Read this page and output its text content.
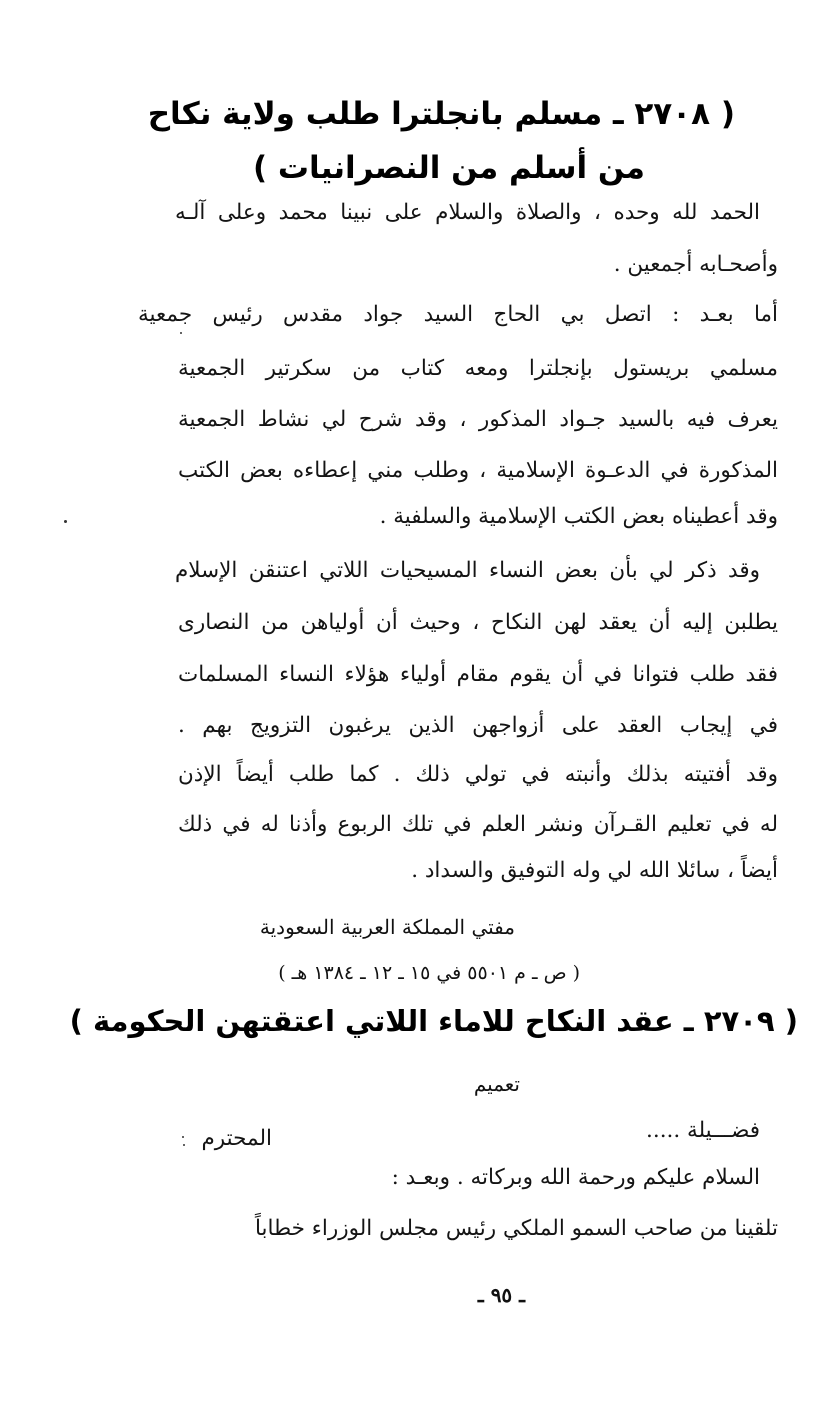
( ٢٧٠٨ ـ مسلم بانجلترا طلب ولاية نكاح

من أسلم من النصرانيات )

الحمد لله وحده ، والصلاة والسلام على نبينا محمد وعلى آلـه

وأصحـابه أجمعين .

أما بعـد : اتصل بي الحاج السيد جواد مقدس رئيس جمعية

مسلمي بريستول بإنجلترا ومعه كتاب من سكرتير الجمعية

يعرف فيه بالسيد جـواد المذكور ، وقد شرح لي نشاط الجمعية

المذكورة في الدعـوة الإسلامية ، وطلب مني إعطاءه بعض الكتب

وقد أعطيناه بعض الكتب الإسلامية والسلفية .

وقد ذكر لي بأن بعض النساء المسيحيات اللاتي اعتنقن الإسلام

يطلبن إليه أن يعقد لهن النكاح ، وحيث أن أولياهن من النصارى

فقد طلب فتوانا في أن يقوم مقام أولياء هؤلاء النساء المسلمات

في إيجاب العقد على أزواجهن الذين يرغبون التزويج بهم .

وقد أفتيته بذلك وأنبته في تولي ذلك . كما طلب أيضاً الإذن

له في تعليم القـرآن ونشر العلم في تلك الربوع وأذنا له في ذلك

أيضاً ، سائلا الله لي وله التوفيق والسداد .

مفتي المملكة العربية السعودية

( ص ـ م ٥٥٠١ في ١٥ ـ ١٢ ـ ١٣٨٤ هـ )

( ٢٧٠٩ ـ عقد النكاح للاماء اللاتي اعتقتهن الحكومة )

تعميم

فضـــيلة .....

المحترم

السلام عليكم ورحمة الله وبركاته . وبعـد :

تلقينا من صاحب السمو الملكي رئيس مجلس الوزراء خطاباً

ـ ٩٥ ـ
